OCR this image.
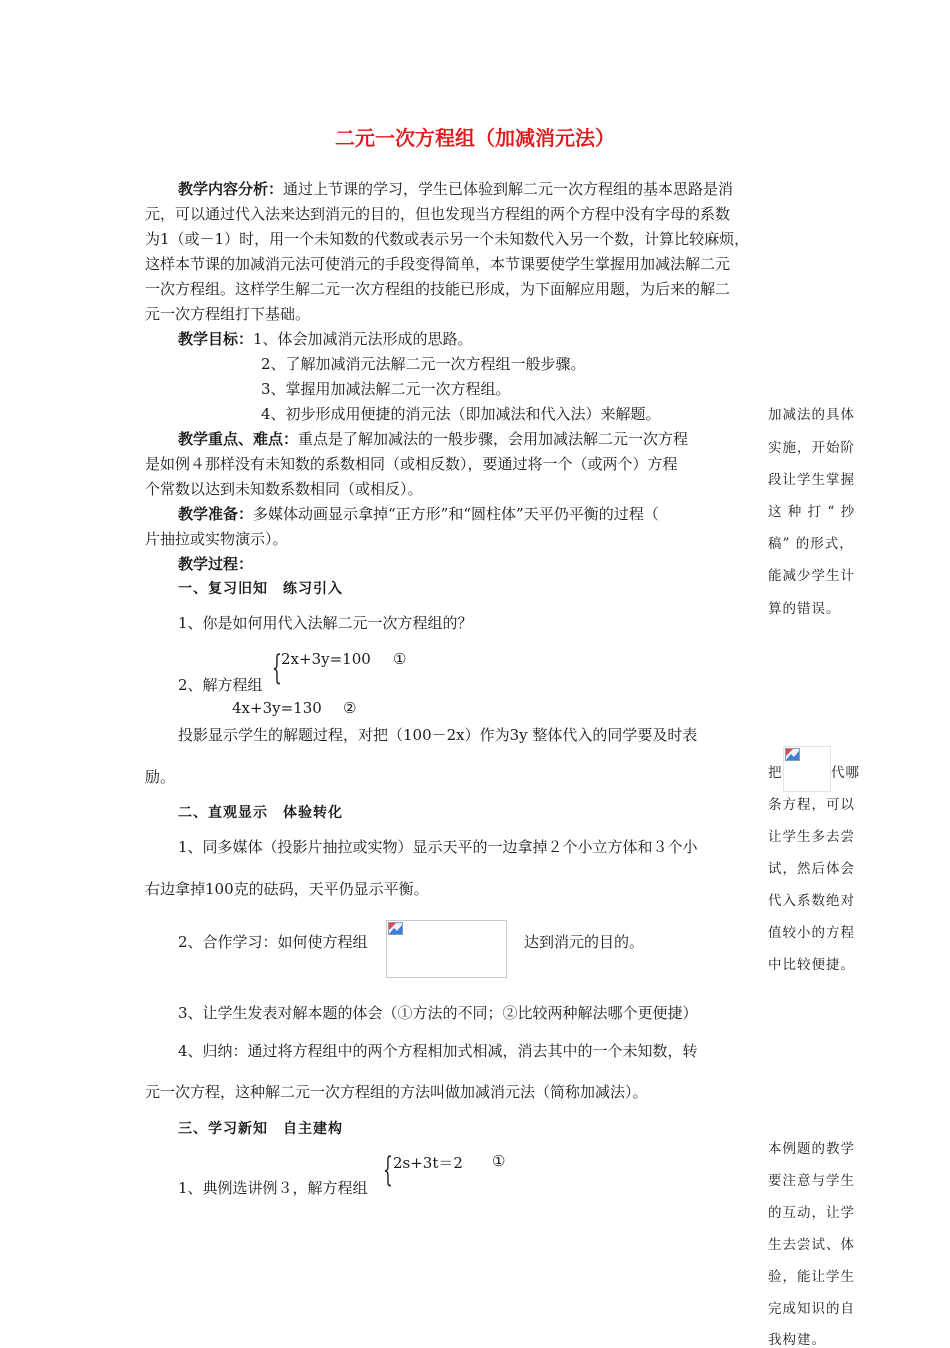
二元一次方程组（加减消元法）
教学内容分析：通过上节课的学习，学生已体验到解二元一次方程组的基本思路是消
元，可以通过代入法来达到消元的目的，但也发现当方程组的两个方程中没有字母的系数
为1（或－1）时，用一个未知数的代数或表示另一个未知数代入另一个数，计算比较麻烦，
这样本节课的加减消元法可使消元的手段变得简单，本节课要使学生掌握用加减法解二元
一次方程组。这样学生解二元一次方程组的技能已形成，为下面解应用题，为后来的解二
元一次方程组打下基础。
教学目标：1、体会加减消元法形成的思路。
2、了解加减消元法解二元一次方程组一般步骤。
3、掌握用加减法解二元一次方程组。
4、初步形成用便捷的消元法（即加减法和代入法）来解题。
教学重点、难点：重点是了解加减法的一般步骤，会用加减法解二元一次方程
是如例４那样没有未知数的系数相同（或相反数），要通过将一个（或两个）方程
个常数以达到未知数系数相同（或相反）。
教学准备：多媒体动画显示拿掉“正方形”和“圆柱体”天平仍平衡的过程（
片抽拉或实物演示）。
教学过程：
一、复习旧知　练习引入
1、你是如何用代入法解二元一次方程组的？
2x+3y=100 ①
2、解方程组 {
4x+3y=130 ②
投影显示学生的解题过程，对把（100－2x）作为3y 整体代入的同学要及时表
励。
二、直观显示　体验转化
1、同多媒体（投影片抽拉或实物）显示天平的一边拿掉２个小立方体和３个小
右边拿掉100克的砝码，天平仍显示平衡。
2、合作学习：如何使方程组	达到消元的目的。
3、让学生发表对解本题的体会（①方法的不同；②比较两种解法哪个更便捷）
4、归纳：通过将方程组中的两个方程相加式相减，消去其中的一个未知数，转
元一次方程，这种解二元一次方程组的方法叫做加减消元法（简称加减法）。
三、学习新知　自主建构
2s+3t＝2 ①
1、典例选讲例３，解方程组 {
加减法的具体
实施，开始阶
段让学生掌握
这 种 打 “ 抄
稿” 的形式，
能减少学生计
算的错误。
把	代哪
条方程，可以
让学生多去尝
试，然后体会
代入系数绝对
值较小的方程
中比较便捷。
本例题的教学
要注意与学生
的互动，让学
生去尝试、体
验，能让学生
完成知识的自
我构建。
